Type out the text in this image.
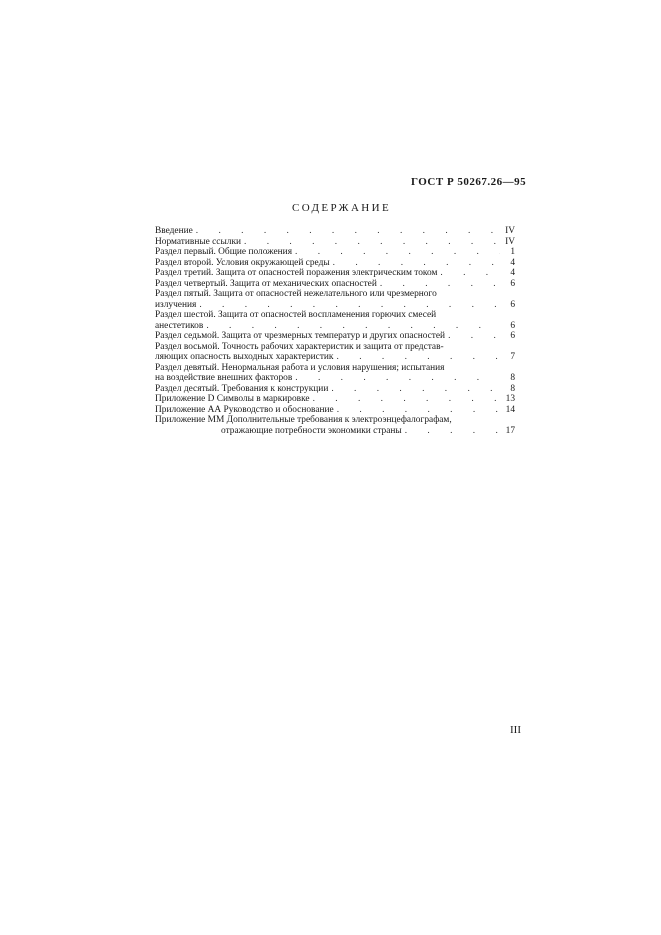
ГОСТ Р 50267.26—95
СОДЕРЖАНИЕ
Введение . . .	IV
Нормативные ссылки . . .	IV
Раздел первый. Общие положения . . .	1
Раздел второй. Условия окружающей среды . . .	4
Раздел третий. Защита от опасностей поражения электрическим током . . .	4
Раздел четвертый. Защита от механических опасностей . . .	6
Раздел пятый. Защита от опасностей нежелательного или чрезмерного
излучения . . .	6
Раздел шестой. Защита от опасностей воспламенения горючих смесей
анестетиков . . .	6
Раздел седьмой. Защита от чрезмерных температур и других опасностей . . .	6
Раздел восьмой. Точность рабочих характеристик и защита от представ-
ляющих опасность выходных характеристик . . .	7
Раздел девятый. Ненормальная работа и условия нарушения; испытания
на воздействие внешних факторов . . .	8
Раздел десятый. Требования к конструкции . . .	8
Приложение D Символы в маркировке . . .	13
Приложение АА Руководство и обоснование . . .	14
Приложение ММ Дополнительные требования к электроэнцефалографам,
отражающие потребности экономики страны . . .	17
III
